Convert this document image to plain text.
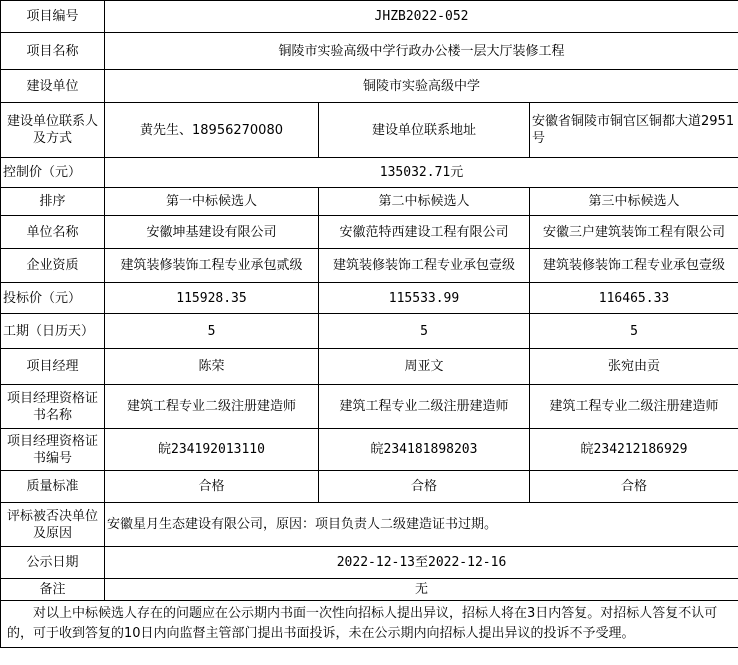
项目编号	JHZB2022-052		
项目名称	铜陵市实验高级中学行政办公楼一层大厅装修工程		
建设单位	铜陵市实验高级中学		
建设单位联系人及方式	黄先生、18956270080	建设单位联系地址	安徽省铜陵市铜官区铜都大道2951号
控制价（元）	135032.71元		
排序	第一中标候选人	第二中标候选人	第三中标候选人
单位名称	安徽坤基建设有限公司	安徽范特西建设工程有限公司	安徽三户建筑装饰工程有限公司
企业资质	建筑装修装饰工程专业承包贰级	建筑装修装饰工程专业承包壹级	建筑装修装饰工程专业承包壹级
投标价（元）	115928.35	115533.99	116465.33
工期（日历天）	5	5	5
项目经理	陈荣	周亚文	张宛由贡
项目经理资格证书名称	建筑工程专业二级注册建造师	建筑工程专业二级注册建造师	建筑工程专业二级注册建造师
项目经理资格证书编号	皖234192013110	皖234181898203	皖234212186929
质量标准	合格	合格	合格
评标被否决单位及原因	安徽星月生态建设有限公司，原因：项目负责人二级建造证书过期。		
公示日期	2022-12-13至2022-12-16		
备注	无		
对以上中标候选人存在的问题应在公示期内书面一次性向招标人提出异议，招标人将在3日内答复。对招标人答复不认可的，可于收到答复的10日内向监督主管部门提出书面投诉，未在公示期内向招标人提出异议的投诉不予受理。			
